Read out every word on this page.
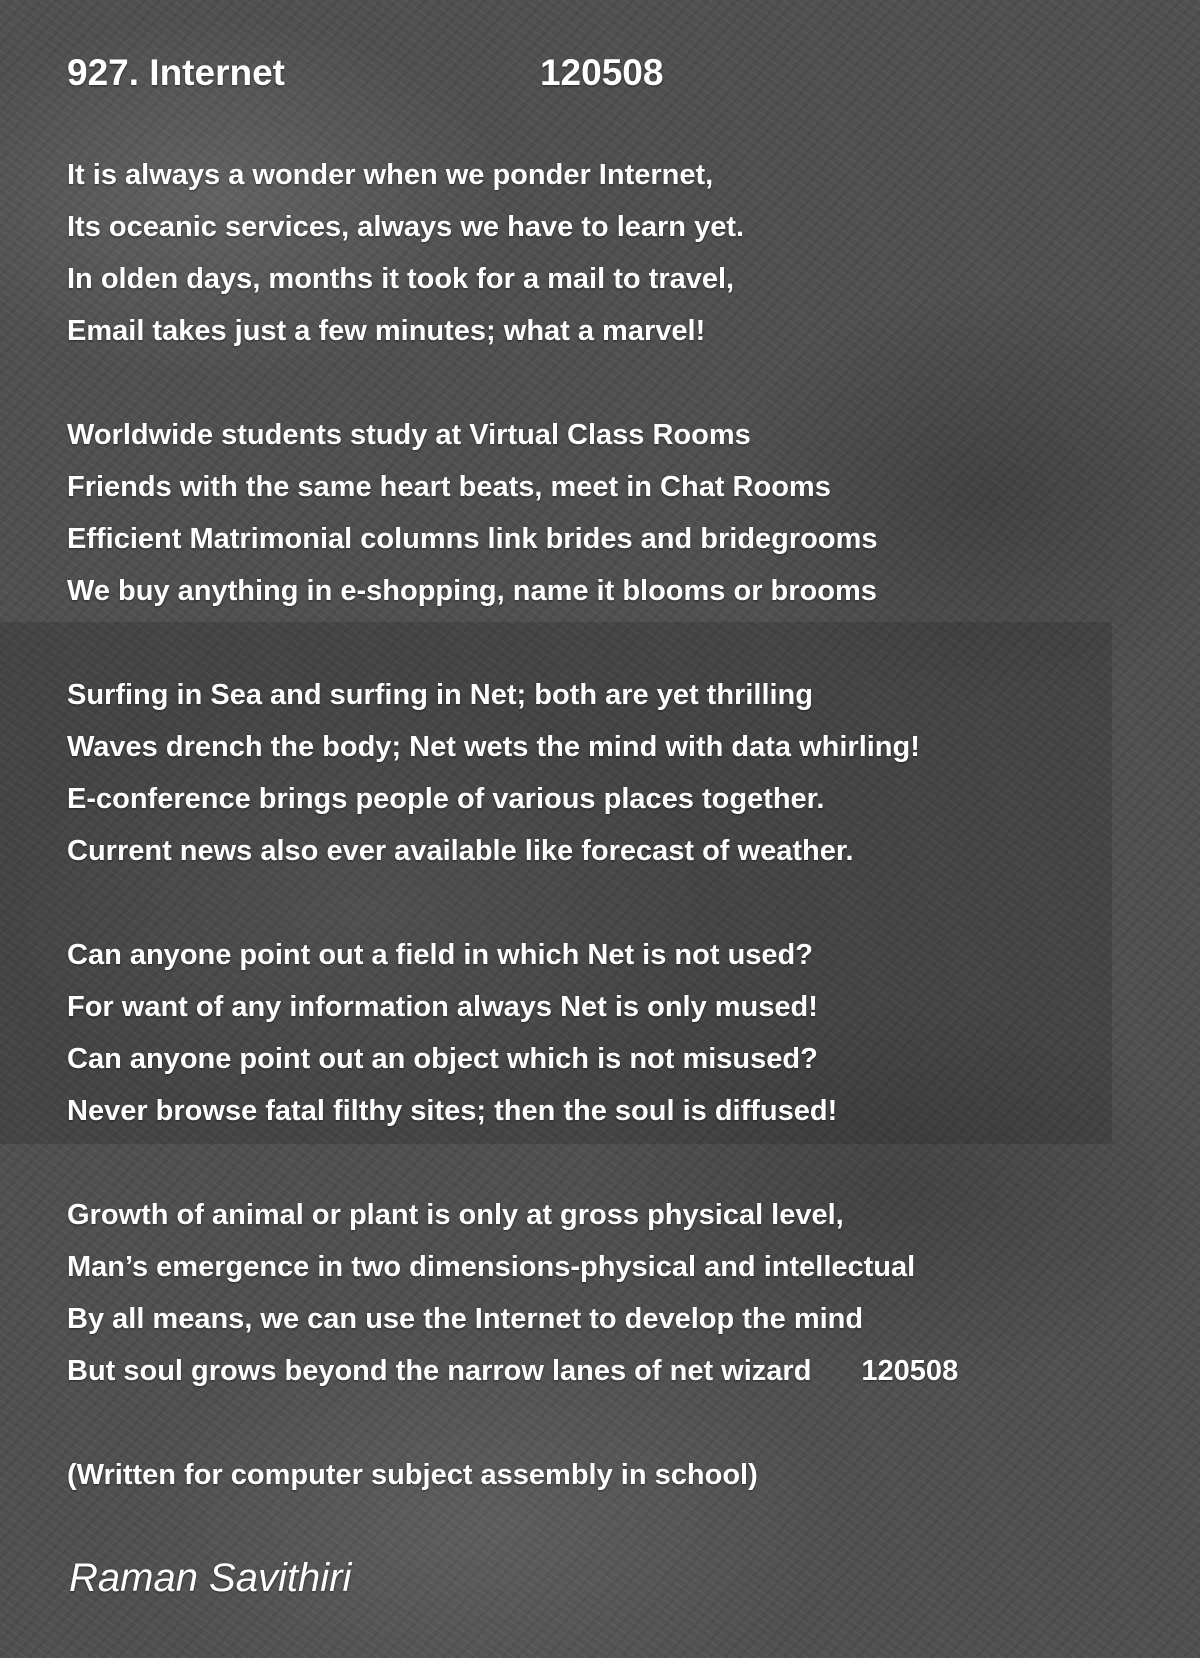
927. Internet	120508
It is always a wonder when we ponder Internet,
Its oceanic services, always we have to learn yet.
In olden days, months it took for a mail to travel,
Email takes just a few minutes; what a marvel!
Worldwide students study at Virtual Class Rooms
Friends with the same heart beats, meet in Chat Rooms
Efficient Matrimonial columns link brides and bridegrooms
We buy anything in e-shopping, name it blooms or brooms
Surfing in Sea and surfing in Net; both are yet thrilling
Waves drench the body; Net wets the mind with data whirling!
E-conference brings people of various places together.
Current news also ever available like forecast of weather.
Can anyone point out a field in which Net is not used?
For want of any information always Net is only mused!
Can anyone point out an object which is not misused?
Never browse fatal filthy sites; then the soul is diffused!
Growth of animal or plant is only at gross physical level,
Man’s emergence in two dimensions-physical and intellectual
By all means, we can use the Internet to develop the mind
But soul grows beyond the narrow lanes of net wizard 120508
(Written for computer subject assembly in school)
Raman Savithiri
